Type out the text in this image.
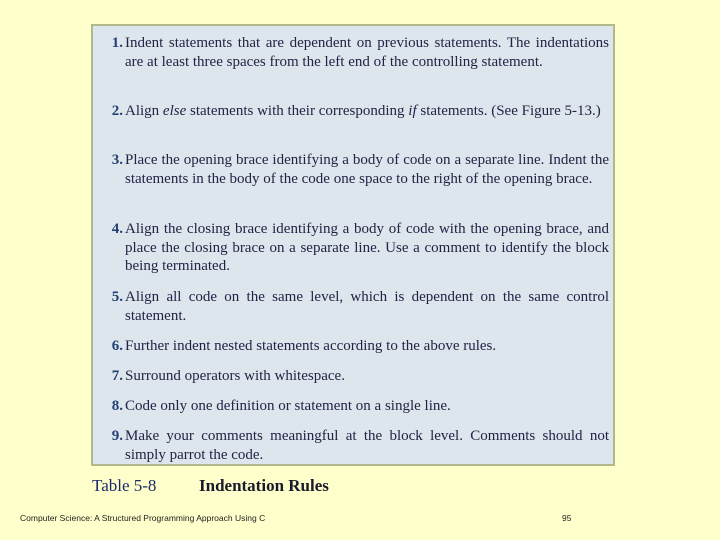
1. Indent statements that are dependent on previous statements. The indentations are at least three spaces from the left end of the controlling statement.
2. Align else statements with their corresponding if statements. (See Figure 5-13.)
3. Place the opening brace identifying a body of code on a separate line. Indent the statements in the body of the code one space to the right of the opening brace.
4. Align the closing brace identifying a body of code with the opening brace, and place the closing brace on a separate line. Use a comment to identify the block being terminated.
5. Align all code on the same level, which is dependent on the same control statement.
6. Further indent nested statements according to the above rules.
7. Surround operators with whitespace.
8. Code only one definition or statement on a single line.
9. Make your comments meaningful at the block level. Comments should not simply parrot the code.
Table 5-8	Indentation Rules
Computer Science: A Structured Programming Approach Using C	95
